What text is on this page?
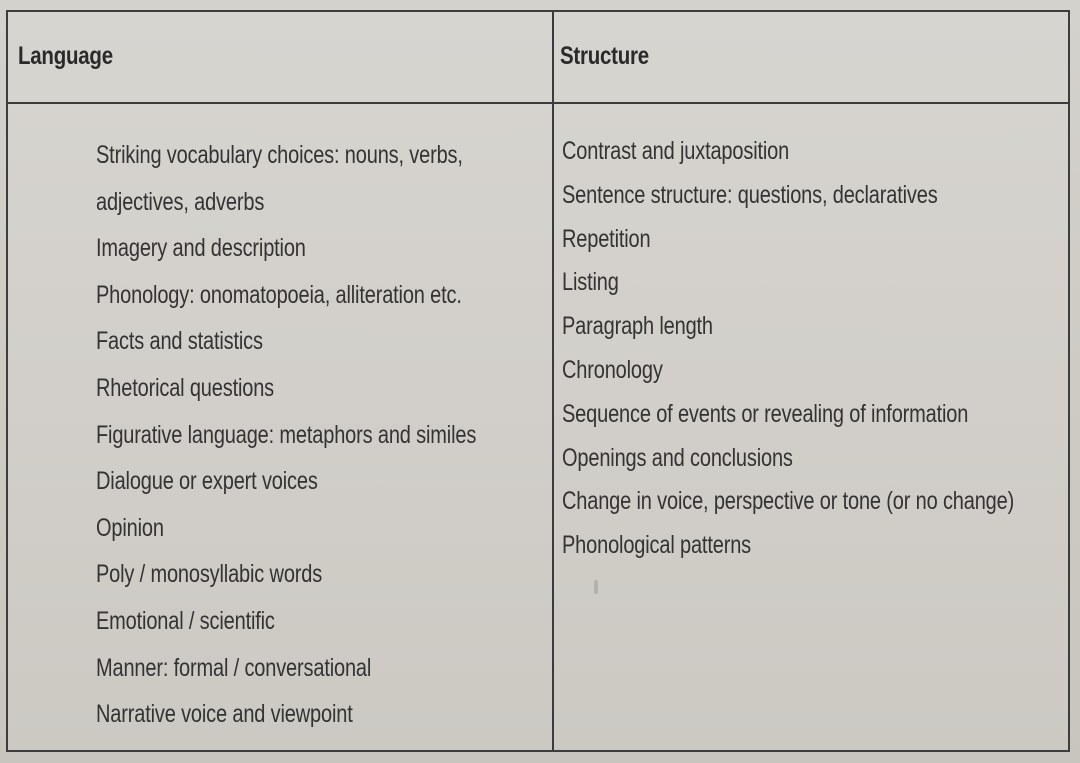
Language	Structure
Striking vocabulary choices: nouns, verbs,
adjectives, adverbs
Imagery and description
Phonology: onomatopoeia, alliteration etc.
Facts and statistics
Rhetorical questions
Figurative language: metaphors and similes
Dialogue or expert voices
Opinion
Poly / monosyllabic words
Emotional / scientific
Manner: formal / conversational
Narrative voice and viewpoint
Contrast and juxtaposition
Sentence structure: questions, declaratives
Repetition
Listing
Paragraph length
Chronology
Sequence of events or revealing of information
Openings and conclusions
Change in voice, perspective or tone (or no change)
Phonological patterns
